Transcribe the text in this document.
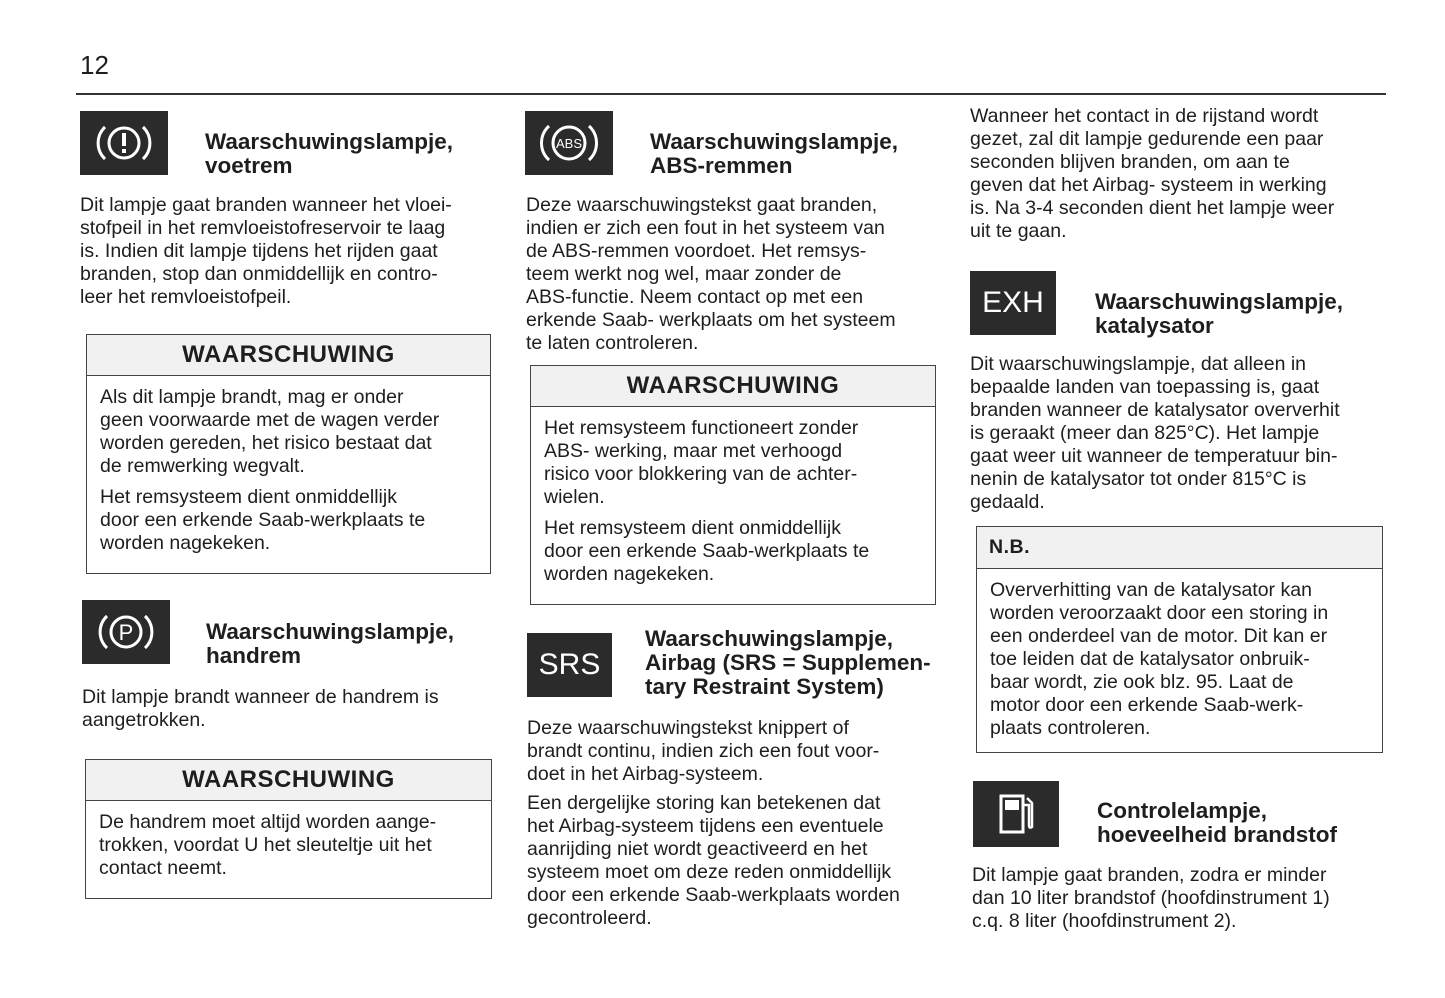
12
Waarschuwingslampje,
voetrem

Dit lampje gaat branden wanneer het vloei-
stofpeil in het remvloeistofreservoir te laag
is. Indien dit lampje tijdens het rijden gaat
branden, stop dan onmiddellijk en contro-
leer het remvloeistofpeil.

WAARSCHUWING

Als dit lampje brandt, mag er onder
geen voorwaarde met de wagen verder
worden gereden, het risico bestaat dat
de remwerking wegvalt.

Het remsysteem dient onmiddellijk
door een erkende Saab-werkplaats te
worden nagekeken.

P	Waarschuwingslampje,
handrem

Dit lampje brandt wanneer de handrem is
aangetrokken.

WAARSCHUWING

De handrem moet altijd worden aange-
trokken, voordat U het sleuteltje uit het
contact neemt.

ABS	Waarschuwingslampje,
ABS-remmen

Deze waarschuwingstekst gaat branden,
indien er zich een fout in het systeem van
de ABS-remmen voordoet. Het remsys-
teem werkt nog wel, maar zonder de
ABS-functie. Neem contact op met een
erkende Saab- werkplaats om het systeem
te laten controleren.

WAARSCHUWING

Het remsysteem functioneert zonder
ABS- werking, maar met verhoogd
risico voor blokkering van de achter-
wielen.

Het remsysteem dient onmiddellijk
door een erkende Saab-werkplaats te
worden nagekeken.

SRS
Waarschuwingslampje,
Airbag (SRS = Supplemen-
tary Restraint System)

Deze waarschuwingstekst knippert of
brandt continu, indien zich een fout voor-
doet in het Airbag-systeem.

Een dergelijke storing kan betekenen dat
het Airbag-systeem tijdens een eventuele
aanrijding niet wordt geactiveerd en het
systeem moet om deze reden onmiddellijk
door een erkende Saab-werkplaats worden
gecontroleerd.

Wanneer het contact in de rijstand wordt
gezet, zal dit lampje gedurende een paar
seconden blijven branden, om aan te
geven dat het Airbag- systeem in werking
is. Na 3-4 seconden dient het lampje weer
uit te gaan.

EXH Waarschuwingslampje,
katalysator

Dit waarschuwingslampje, dat alleen in
bepaalde landen van toepassing is, gaat
branden wanneer de katalysator oververhit
is geraakt (meer dan 825°C). Het lampje
gaat weer uit wanneer de temperatuur bin-
nenin de katalysator tot onder 815°C is
gedaald.

N.B.

Oververhitting van de katalysator kan
worden veroorzaakt door een storing in
een onderdeel van de motor. Dit kan er
toe leiden dat de katalysator onbruik-
baar wordt, zie ook blz. 95. Laat de
motor door een erkende Saab-werk-
plaats controleren.

Controlelampje,
hoeveelheid brandstof

Dit lampje gaat branden, zodra er minder
dan 10 liter brandstof (hoofdinstrument 1)
c.q. 8 liter (hoofdinstrument 2).
